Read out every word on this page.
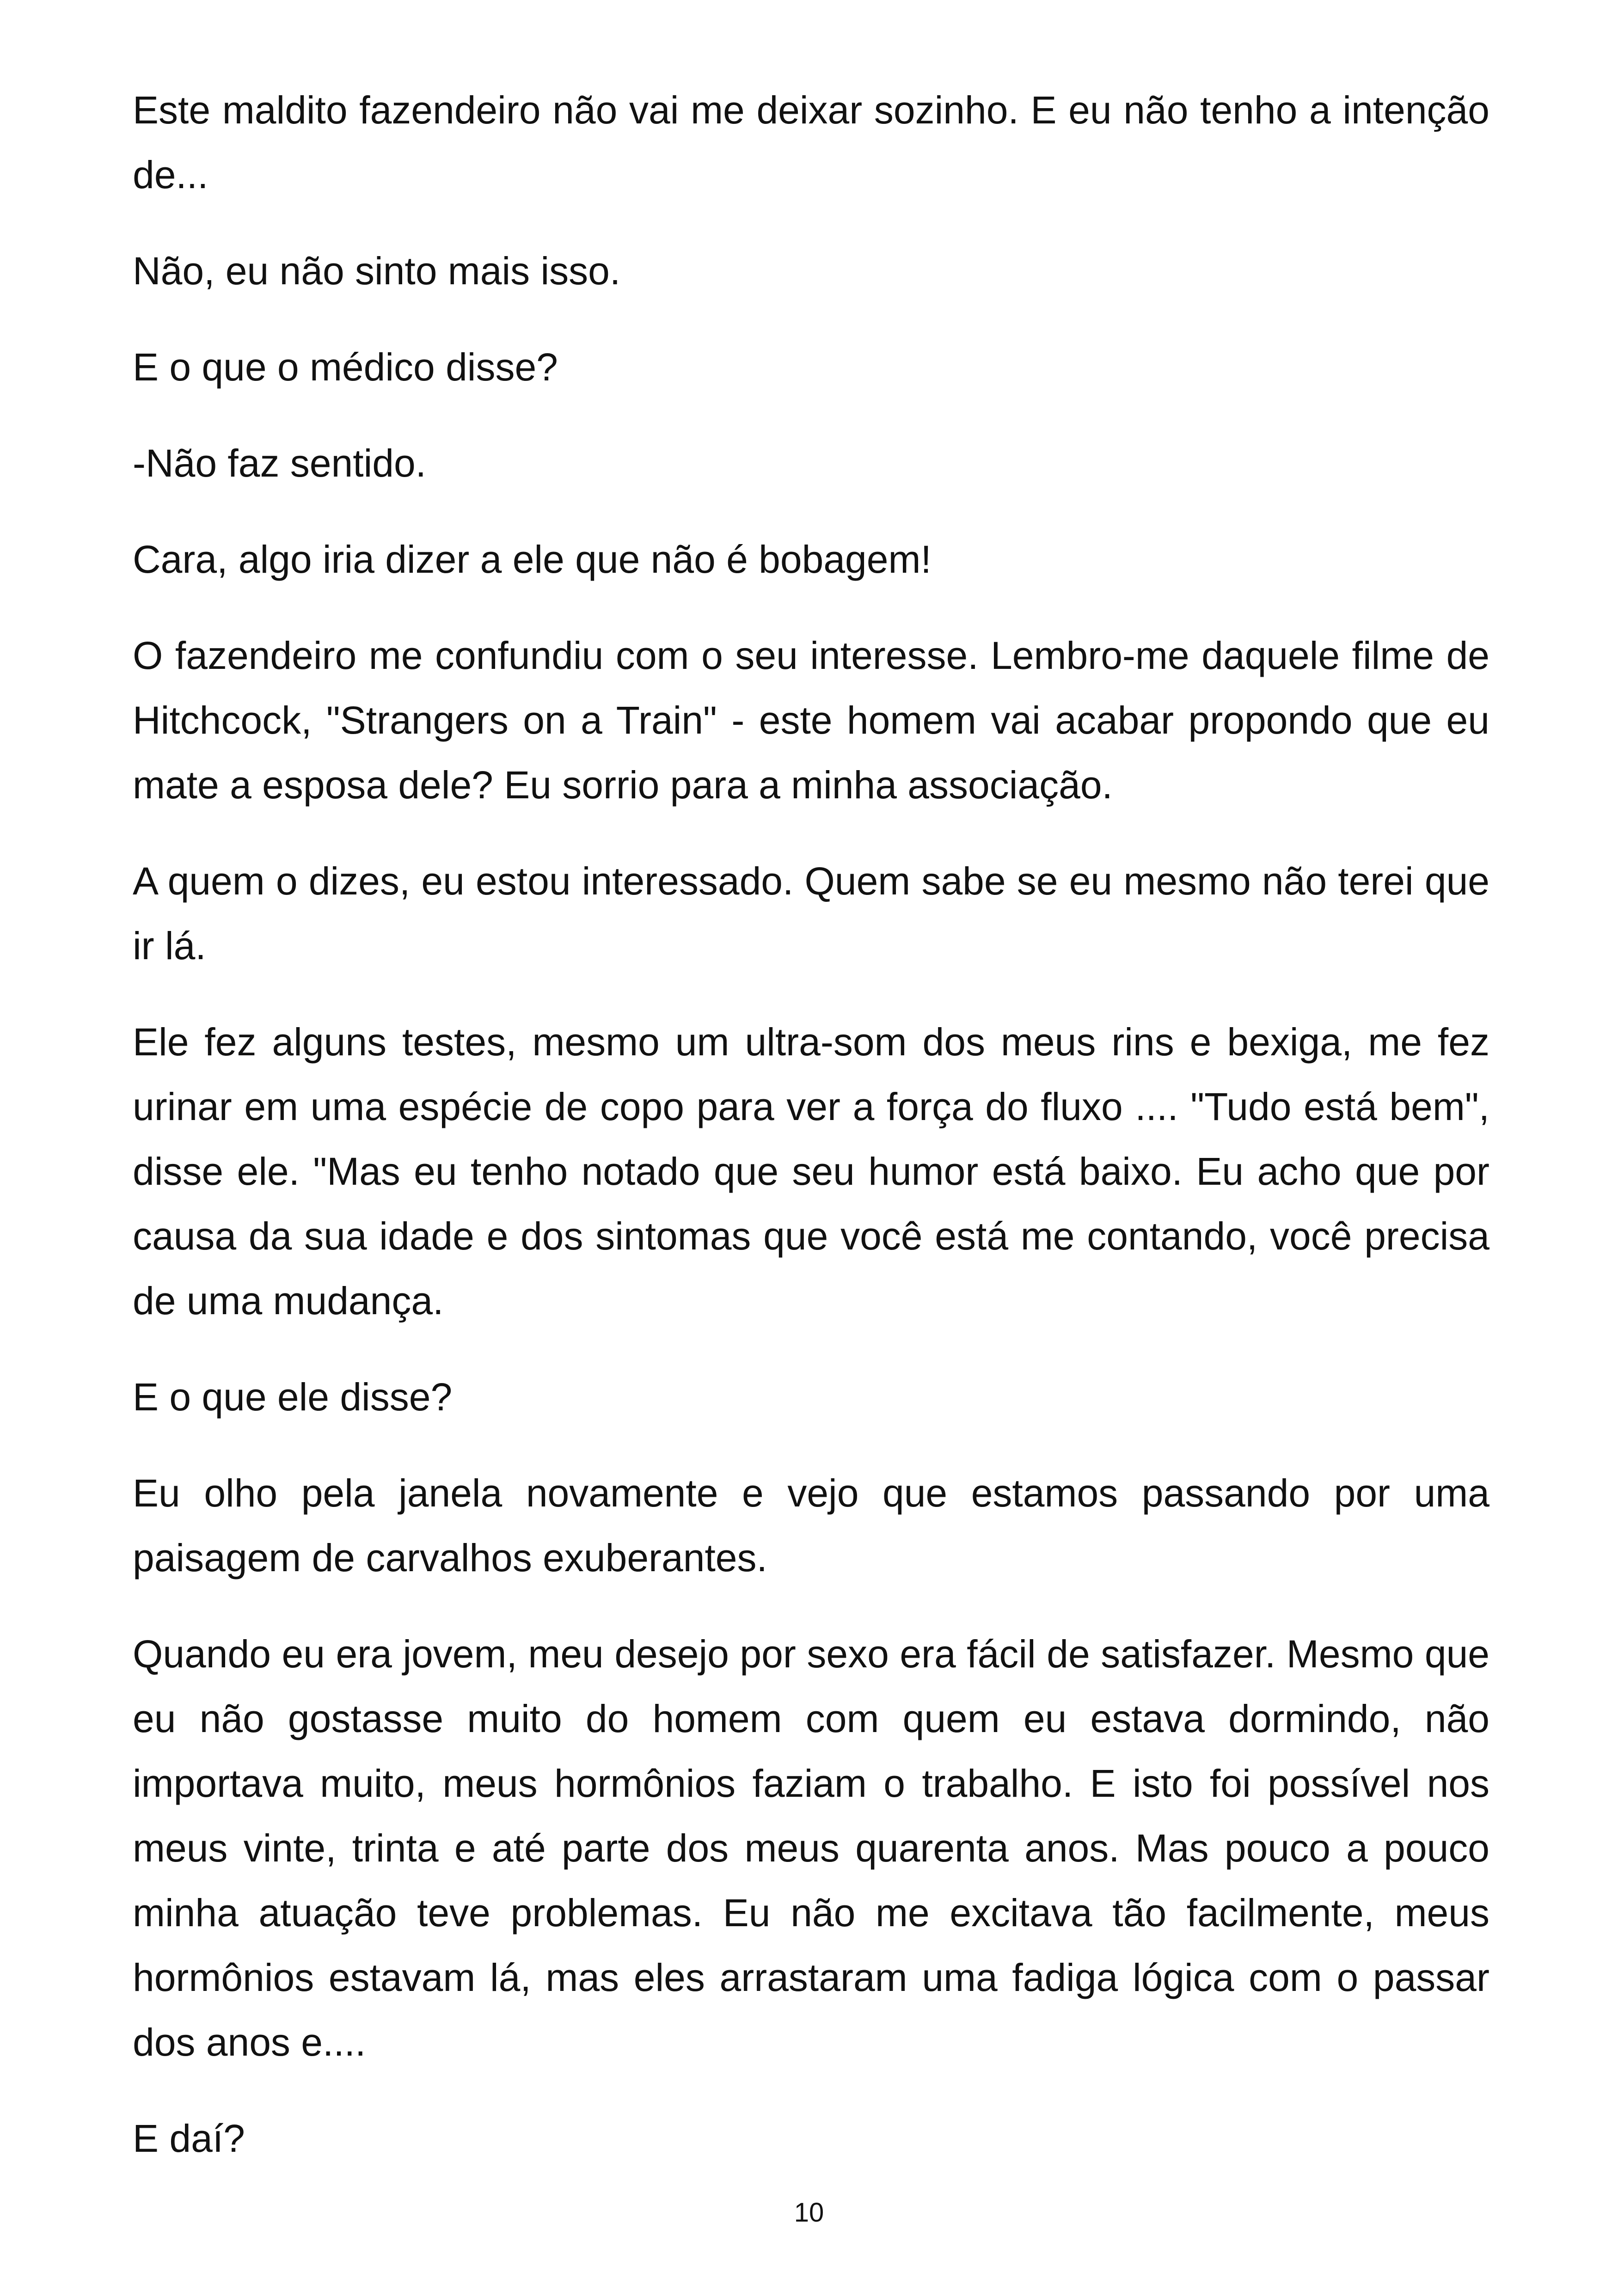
Este maldito fazendeiro não vai me deixar sozinho. E eu não tenho a intenção de...

Não, eu não sinto mais isso.

E o que o médico disse?

-Não faz sentido.

Cara, algo iria dizer a ele que não é bobagem!

O fazendeiro me confundiu com o seu interesse. Lembro-me daquele filme de Hitchcock, "Strangers on a Train" - este homem vai acabar propondo que eu mate a esposa dele? Eu sorrio para a minha associação.

A quem o dizes, eu estou interessado. Quem sabe se eu mesmo não terei que ir lá.

Ele fez alguns testes, mesmo um ultra-som dos meus rins e bexiga, me fez urinar em uma espécie de copo para ver a força do fluxo .... "Tudo está bem", disse ele. "Mas eu tenho notado que seu humor está baixo. Eu acho que por causa da sua idade e dos sintomas que você está me contando, você precisa de uma mudança.

E o que ele disse?

Eu olho pela janela novamente e vejo que estamos passando por uma paisagem de carvalhos exuberantes.

Quando eu era jovem, meu desejo por sexo era fácil de satisfazer. Mesmo que eu não gostasse muito do homem com quem eu estava dormindo, não importava muito, meus hormônios faziam o trabalho. E isto foi possível nos meus vinte, trinta e até parte dos meus quarenta anos. Mas pouco a pouco minha atuação teve problemas. Eu não me excitava tão facilmente, meus hormônios estavam lá, mas eles arrastaram uma fadiga lógica com o passar dos anos e....

E daí?

10
